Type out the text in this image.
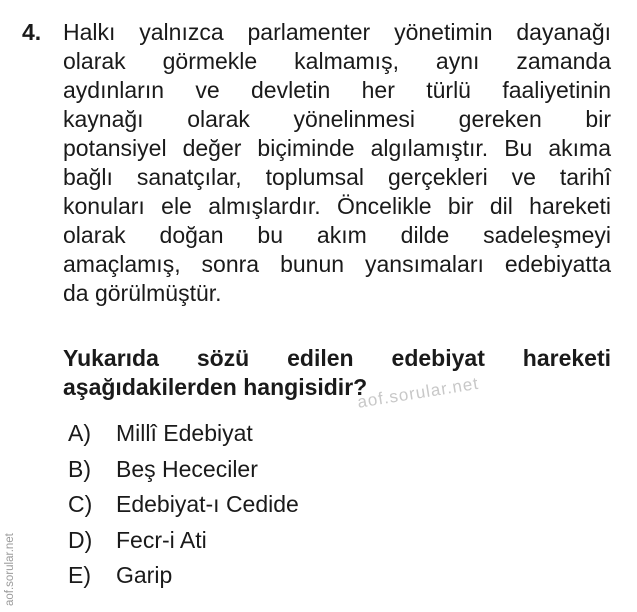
4. Halkı yalnızca parlamenter yönetimin dayanağı
olarak görmekle kalmamış, aynı zamanda
aydınların ve devletin her türlü faaliyetinin
kaynağı olarak yönelinmesi gereken bir
potansiyel değer biçiminde algılamıştır. Bu akıma
bağlı sanatçılar, toplumsal gerçekleri ve tarihî
konuları ele almışlardır. Öncelikle bir dil hareketi
olarak doğan bu akım dilde sadeleşmeyi
amaçlamış, sonra bunun yansımaları edebiyatta
da görülmüştür.
Yukarıda sözü edilen edebiyat hareketi
aşağıdakilerden hangisidir?
aof.sorular.net
A)	Millî Edebiyat
B)	Beş Hececiler
C)	Edebiyat-ı Cedide
D)	Fecr-i Ati
E)	Garip
aof.sorular.net
